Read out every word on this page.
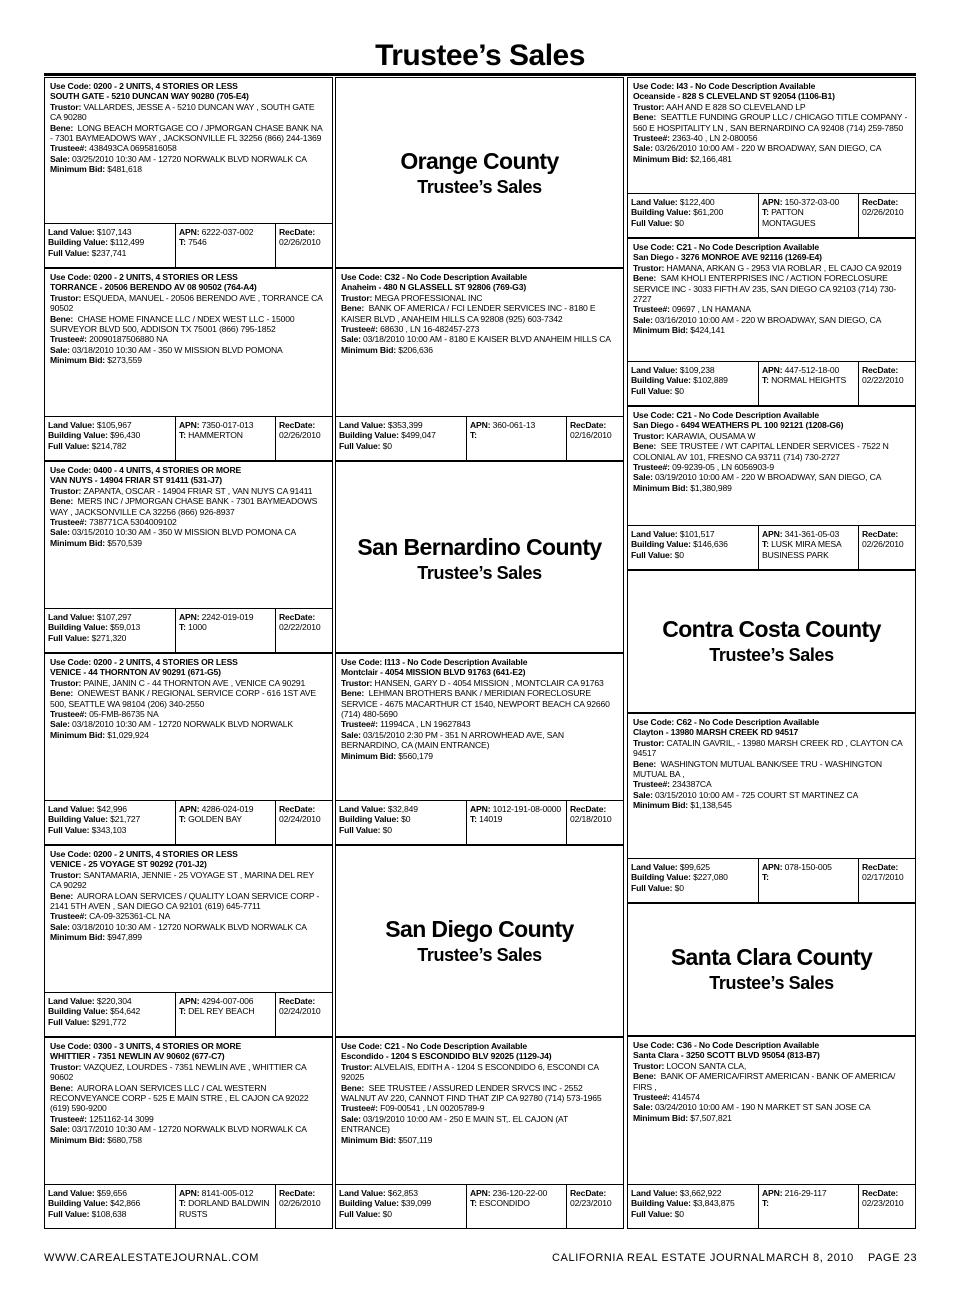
Trustee’s Sales
Use Code: 0200 - 2 UNITS, 4 STORIES OR LESS
SOUTH GATE - 5210 DUNCAN WAY 90280 (705-E4)
Trustor: VALLARDES, JESSE A - 5210 DUNCAN WAY , SOUTH GATE CA 90280
Bene: LONG BEACH MORTGAGE CO / JPMORGAN CHASE BANK NA - 7301 BAYMEADOWS WAY , JACKSONVILLE FL 32256 (866) 244-1369
Trustee#: 438493CA 0695816058
Sale: 03/25/2010 10:30 AM - 12720 NORWALK BLVD NORWALK CA
Minimum Bid: $481,618
Land Value: $107,143
Building Value: $112,499
Full Value: $237,741
APN: 6222-037-002
T: 7546
RecDate:
02/26/2010
Use Code: 0200 - 2 UNITS, 4 STORIES OR LESS
TORRANCE - 20506 BERENDO AV 08 90502 (764-A4)
Trustor: ESQUEDA, MANUEL - 20506 BERENDO AVE , TORRANCE CA 90502
Bene: CHASE HOME FINANCE LLC / NDEX WEST LLC - 15000 SURVEYOR BLVD 500, ADDISON TX 75001 (866) 795-1852
Trustee#: 20090187506880 NA
Sale: 03/18/2010 10:30 AM - 350 W MISSION BLVD POMONA
Minimum Bid: $273,559
Land Value: $105,967
Building Value: $96,430
Full Value: $214,782
APN: 7350-017-013
T: HAMMERTON
RecDate:
02/26/2010
Use Code: 0400 - 4 UNITS, 4 STORIES OR MORE
VAN NUYS - 14904 FRIAR ST 91411 (531-J7)
Trustor: ZAPANTA, OSCAR - 14904 FRIAR ST , VAN NUYS CA 91411
Bene: MERS INC / JPMORGAN CHASE BANK - 7301 BAYMEADOWS WAY , JACKSONVILLE CA 32256 (866) 926-8937
Trustee#: 738771CA 5304009102
Sale: 03/15/2010 10:30 AM - 350 W MISSION BLVD POMONA CA
Minimum Bid: $570,539
Land Value: $107,297
Building Value: $59,013
Full Value: $271,320
APN: 2242-019-019
T: 1000
RecDate:
02/22/2010
Use Code: 0200 - 2 UNITS, 4 STORIES OR LESS
VENICE - 44 THORNTON AV 90291 (671-G5)
Trustor: PAINE, JANIN C - 44 THORNTON AVE , VENICE CA 90291
Bene: ONEWEST BANK / REGIONAL SERVICE CORP - 616 1ST AVE 500, SEATTLE WA 98104 (206) 340-2550
Trustee#: 05-FMB-86735 NA
Sale: 03/18/2010 10:30 AM - 12720 NORWALK BLVD NORWALK
Minimum Bid: $1,029,924
Land Value: $42,996
Building Value: $21,727
Full Value: $343,103
APN: 4286-024-019
T: GOLDEN BAY
RecDate:
02/24/2010
Use Code: 0200 - 2 UNITS, 4 STORIES OR LESS
VENICE - 25 VOYAGE ST 90292 (701-J2)
Trustor: SANTAMARIA, JENNIE - 25 VOYAGE ST , MARINA DEL REY CA 90292
Bene: AURORA LOAN SERVICES / QUALITY LOAN SERVICE CORP - 2141 5TH AVEN , SAN DIEGO CA 92101 (619) 645-7711
Trustee#: CA-09-325361-CL NA
Sale: 03/18/2010 10:30 AM - 12720 NORWALK BLVD NORWALK CA
Minimum Bid: $947,899
Land Value: $220,304
Building Value: $54,642
Full Value: $291,772
APN: 4294-007-006
T: DEL REY BEACH
RecDate:
02/24/2010
Use Code: 0300 - 3 UNITS, 4 STORIES OR MORE
WHITTIER - 7351 NEWLIN AV 90602 (677-C7)
Trustor: VAZQUEZ, LOURDES - 7351 NEWLIN AVE , WHITTIER CA 90602
Bene: AURORA LOAN SERVICES LLC / CAL WESTERN RECONVEYANCE CORP - 525 E MAIN STRE , EL CAJON CA 92022 (619) 590-9200
Trustee#: 1251162-14 3099
Sale: 03/17/2010 10:30 AM - 12720 NORWALK BLVD NORWALK CA
Minimum Bid: $680,758
Land Value: $59,656
Building Value: $42,866
Full Value: $108,638
APN: 8141-005-012
T: DORLAND BALDWIN RUSTS
RecDate:
02/26/2010
Use Code: C32 - No Code Description Available
Anaheim - 480 N GLASSELL ST 92806 (769-G3)
Trustor: MEGA PROFESSIONAL INC
Bene: BANK OF AMERICA / FCI LENDER SERVICES INC - 8180 E KAISER BLVD , ANAHEIM HILLS CA 92808 (925) 603-7342
Trustee#: 68630 , LN 16-482457-273
Sale: 03/18/2010 10:00 AM - 8180 E KAISER BLVD ANAHEIM HILLS CA
Minimum Bid: $206,636
Land Value: $353,399
Building Value: $499,047
Full Value: $0
APN: 360-061-13
T:
RecDate:
02/16/2010
Use Code: I113 - No Code Description Available
Montclair - 4054 MISSION BLVD 91763 (641-E2)
Trustor: HANSEN, GARY D - 4054 MISSION , MONTCLAIR CA 91763
Bene: LEHMAN BROTHERS BANK / MERIDIAN FORECLOSURE SERVICE - 4675 MACARTHUR CT 1540, NEWPORT BEACH CA 92660 (714) 480-5690
Trustee#: 11994CA , LN 19627843
Sale: 03/15/2010 2:30 PM - 351 N ARROWHEAD AVE, SAN BERNARDINO, CA (MAIN ENTRANCE)
Minimum Bid: $560,179
Land Value: $32,849
Building Value: $0
Full Value: $0
APN: 1012-191-08-0000
T: 14019
RecDate:
02/18/2010
Use Code: C21 - No Code Description Available
Escondido - 1204 S ESCONDIDO BLV 92025 (1129-J4)
Trustor: ALVELAIS, EDITH A - 1204 S ESCONDIDO 6, ESCONDI CA 92025
Bene: SEE TRUSTEE / ASSURED LENDER SRVCS INC - 2552 WALNUT AV 220, CANNOT FIND THAT ZIP CA 92780 (714) 573-1965
Trustee#: F09-00541 , LN 00205789-9
Sale: 03/19/2010 10:00 AM - 250 E MAIN ST,. EL CAJON (AT ENTRANCE)
Minimum Bid: $507,119
Land Value: $62,853
Building Value: $39,099
Full Value: $0
APN: 236-120-22-00
T: ESCONDIDO
RecDate:
02/23/2010
Use Code: I43 - No Code Description Available
Oceanside - 828 S CLEVELAND ST 92054 (1106-B1)
Trustor: AAH AND E 828 SO CLEVELAND LP
Bene: SEATTLE FUNDING GROUP LLC / CHICAGO TITLE COMPANY - 560 E HOSPITALITY LN , SAN BERNARDINO CA 92408 (714) 259-7850
Trustee#: 2363-40 , LN 2-080056
Sale: 03/26/2010 10:00 AM - 220 W BROADWAY, SAN DIEGO, CA
Minimum Bid: $2,166,481
Land Value: $122,400
Building Value: $61,200
Full Value: $0
APN: 150-372-03-00
T: PATTON MONTAGUES
RecDate:
02/26/2010
Use Code: C21 - No Code Description Available
San Diego - 3276 MONROE AVE 92116 (1269-E4)
Trustor: HAMANA, ARKAN G - 2953 VIA ROBLAR , EL CAJO CA 92019
Bene: SAM KHOLI ENTERPRISES INC / ACTION FORECLOSURE SERVICE INC - 3033 FIFTH AV 235, SAN DIEGO CA 92103 (714) 730-2727
Trustee#: 09697 , LN HAMANA
Sale: 03/16/2010 10:00 AM - 220 W BROADWAY, SAN DIEGO, CA
Minimum Bid: $424,141
Land Value: $109,238
Building Value: $102,889
Full Value: $0
APN: 447-512-18-00
T: NORMAL HEIGHTS
RecDate:
02/22/2010
Use Code: C21 - No Code Description Available
San Diego - 6494 WEATHERS PL 100 92121 (1208-G6)
Trustor: KARAWIA, OUSAMA W
Bene: SEE TRUSTEE / WT CAPITAL LENDER SERVICES - 7522 N COLONIAL AV 101, FRESNO CA 93711 (714) 730-2727
Trustee#: 09-9239-05 , LN 6056903-9
Sale: 03/19/2010 10:00 AM - 220 W BROADWAY, SAN DIEGO, CA
Minimum Bid: $1,380,989
Land Value: $101,517
Building Value: $146,636
Full Value: $0
APN: 341-361-05-03
T: LUSK MIRA MESA BUSINESS PARK
RecDate:
02/26/2010
Use Code: C62 - No Code Description Available
Clayton - 13980 MARSH CREEK RD 94517
Trustor: CATALIN GAVRIL, - 13980 MARSH CREEK RD , CLAYTON CA 94517
Bene: WASHINGTON MUTUAL BANK/SEE TRU - WASHINGTON MUTUAL BA ,
Trustee#: 234387CA
Sale: 03/15/2010 10:00 AM - 725 COURT ST MARTINEZ CA
Minimum Bid: $1,138,545
Land Value: $99,625
Building Value: $227,080
Full Value: $0
APN: 078-150-005
T:
RecDate:
02/17/2010
Use Code: C36 - No Code Description Available
Santa Clara - 3250 SCOTT BLVD 95054 (813-B7)
Trustor: LOCON SANTA CLA,
Bene: BANK OF AMERICA/FIRST AMERICAN - BANK OF AMERICA/ FIRS ,
Trustee#: 414574
Sale: 03/24/2010 10:00 AM - 190 N MARKET ST SAN JOSE CA
Minimum Bid: $7,507,821
Land Value: $3,662,922
Building Value: $3,843,875
Full Value: $0
APN: 216-29-117
T:
RecDate:
02/23/2010
Orange County
Trustee’s Sales
San Bernardino County
Trustee’s Sales
San Diego County
Trustee’s Sales
Contra Costa County
Trustee’s Sales
Santa Clara County
Trustee’s Sales
WWW.CAREALESTATEJOURNAL.COM	CALIFORNIA REAL ESTATE JOURNAL MARCH 8, 2010 PAGE 23
